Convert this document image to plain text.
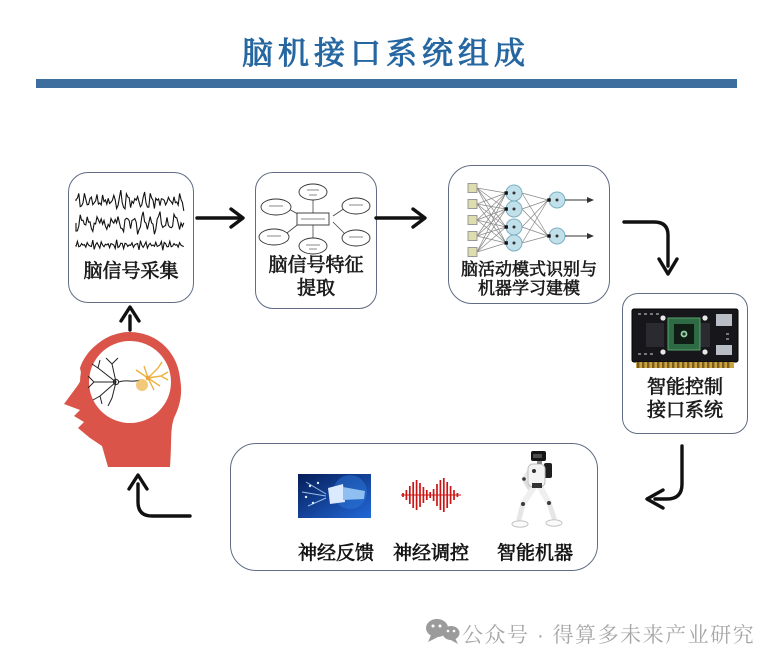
脑机接口系统组成
脑信号采集	脑信号特征
提取
脑活动模式识别与
机器学习建模
智能控制
接口系统
神经反馈 神经调控	智能机器
公众号 · 得算多未来产业研究
